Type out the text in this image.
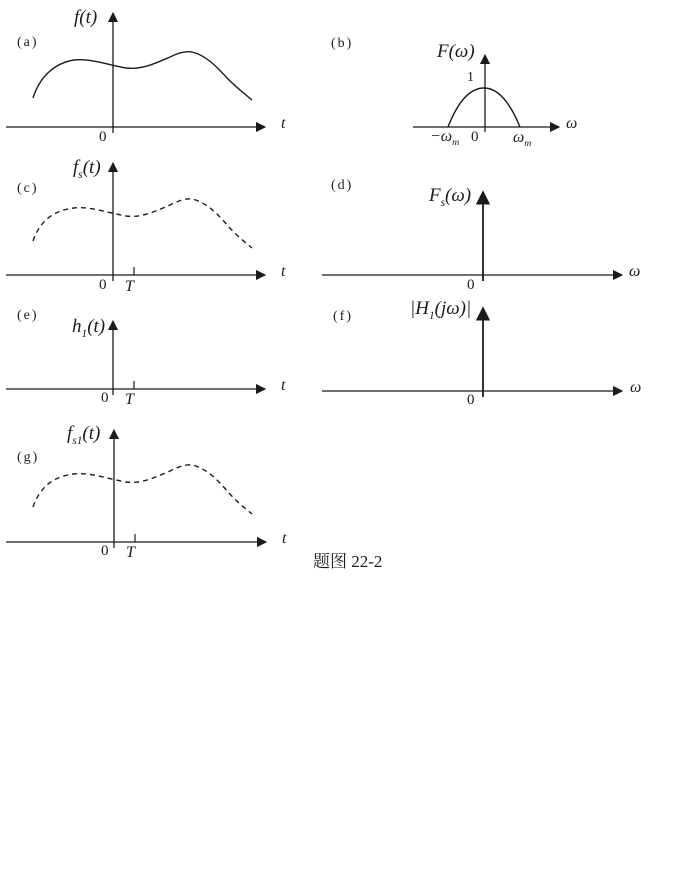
(a)
f(t)
0
t
(b)	F(ω)
1
$-\omega_m$ 0 $\omega_m$
ω
(c)
$f_s(t)$
0 T
t
(d)	$F_s(\omega)$
0
ω
(e)
$h_1(t)$
0 T
t
(f)	$|H_1(j\omega)|$
0
ω
(g)
$f_{s1}(t)$
0 T
t
题图 22-2
